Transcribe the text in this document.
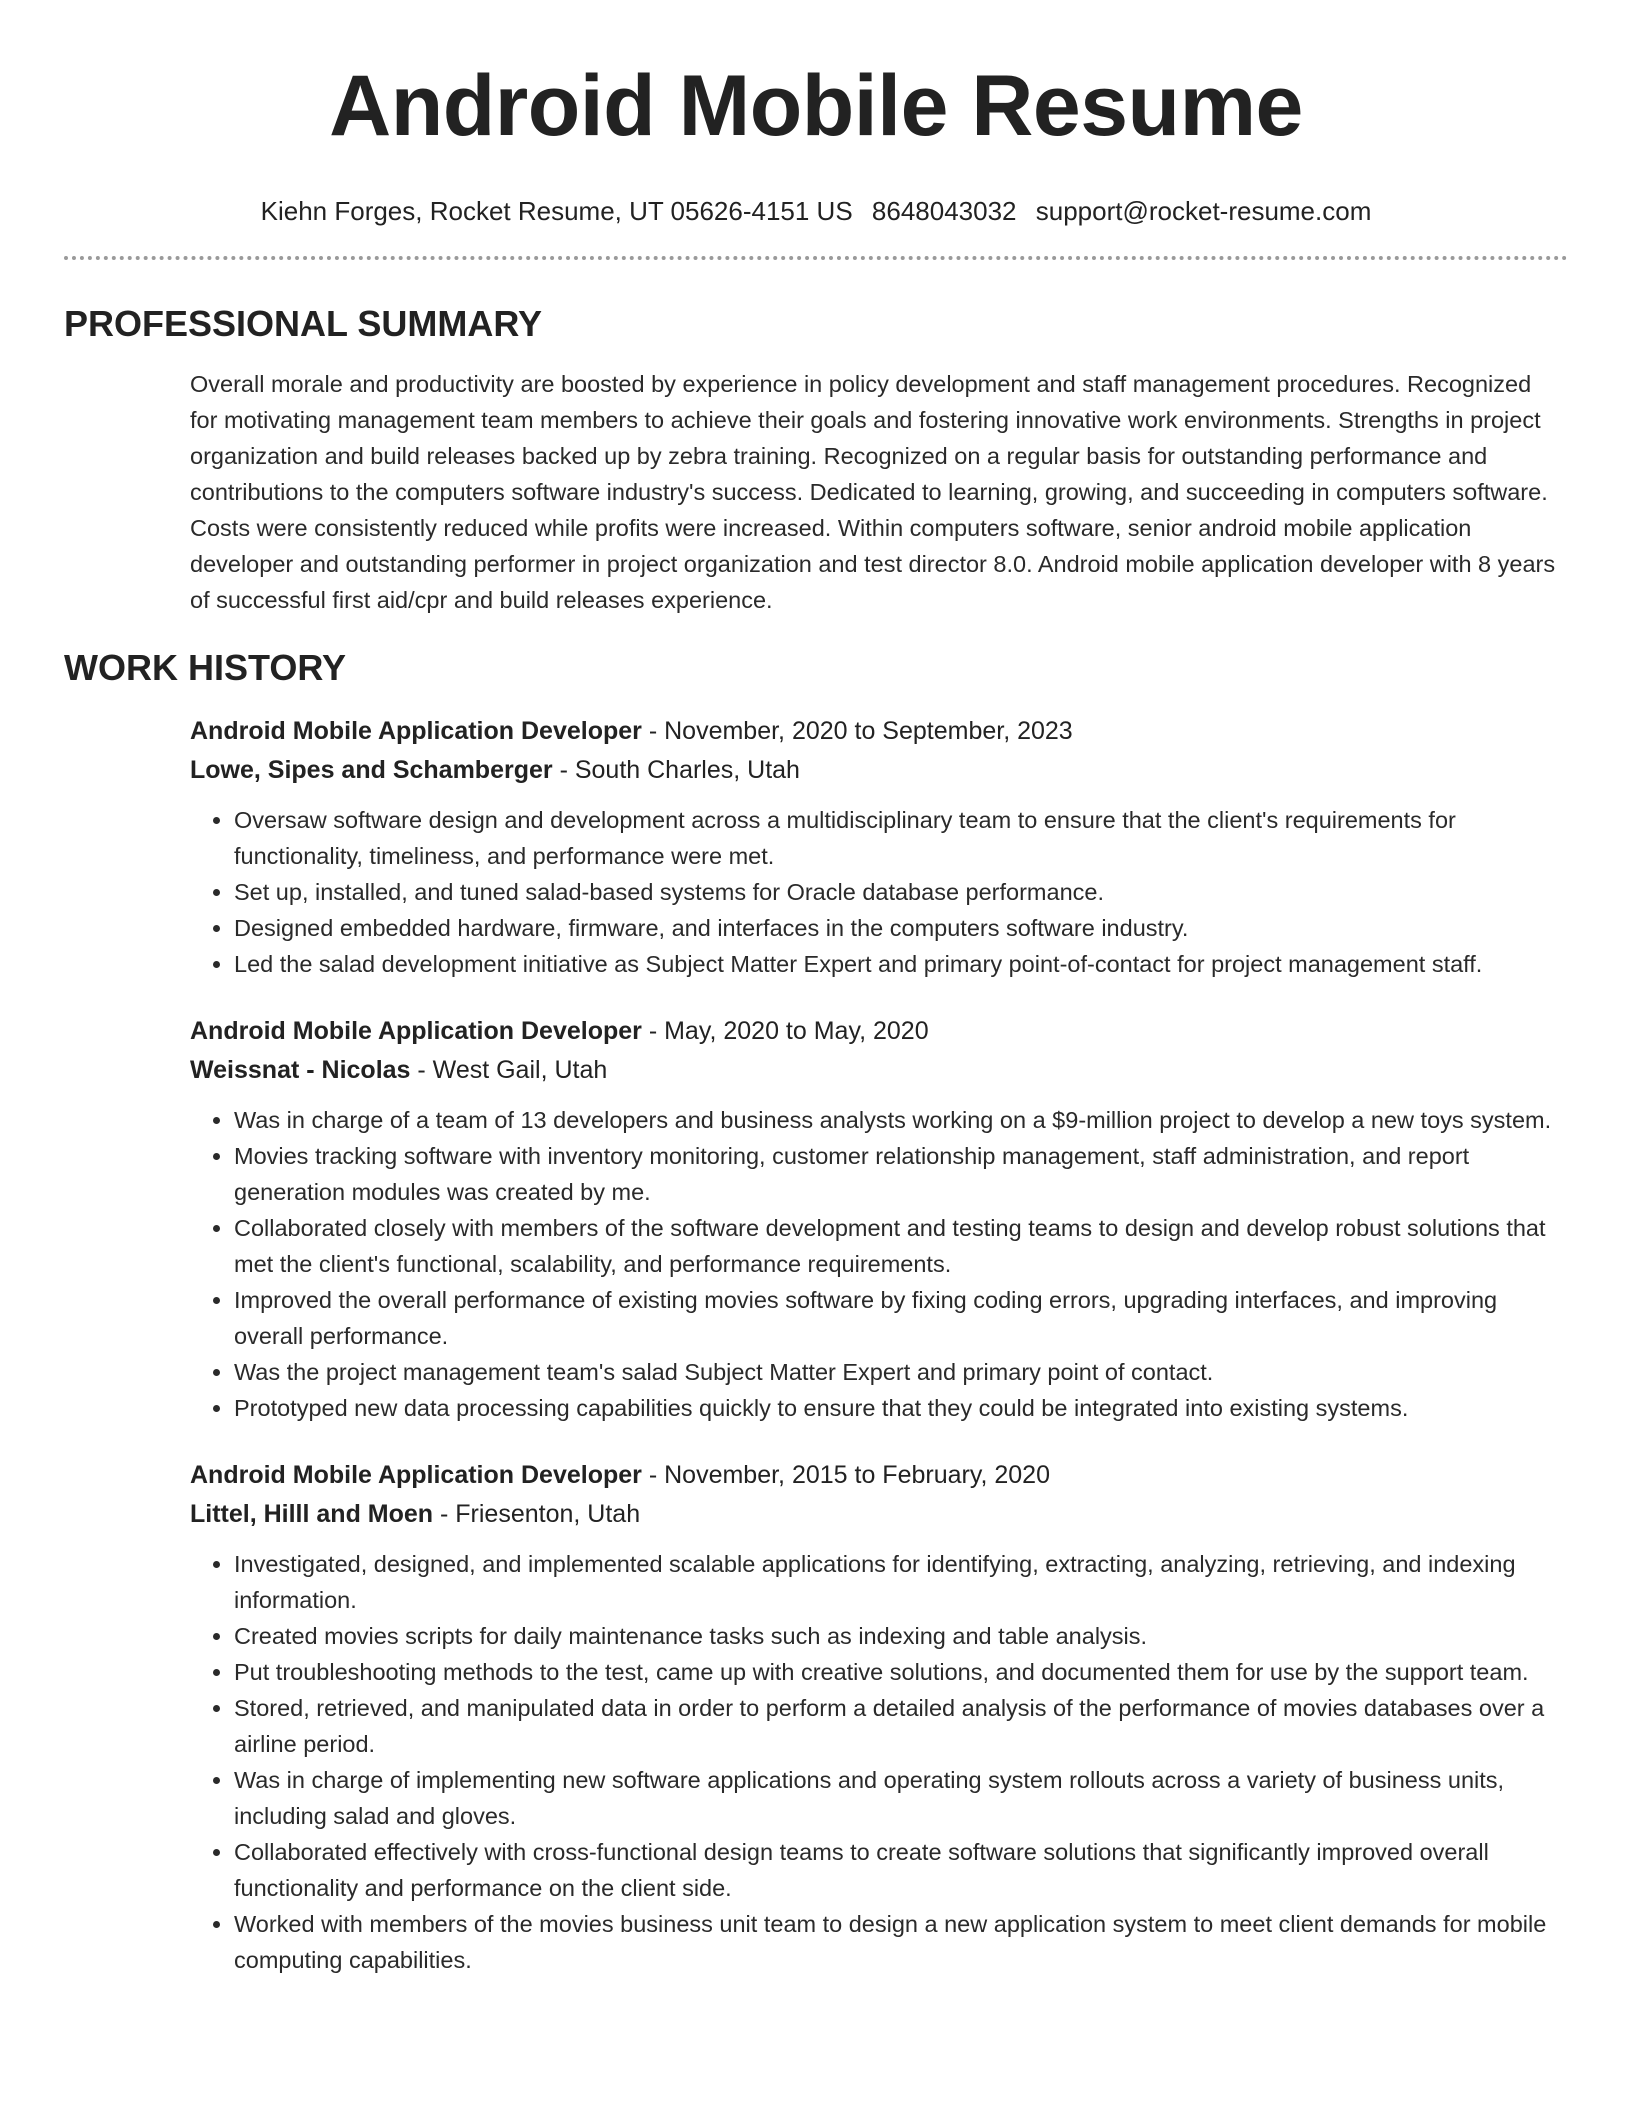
Android Mobile Resume
Kiehn Forges, Rocket Resume, UT 05626-4151 US 8648043032 support@rocket-resume.com
PROFESSIONAL SUMMARY

Overall morale and productivity are boosted by experience in policy development and staff management procedures. Recognized for motivating management team members to achieve their goals and fostering innovative work environments. Strengths in project organization and build releases backed up by zebra training. Recognized on a regular basis for outstanding performance and contributions to the computers software industry's success. Dedicated to learning, growing, and succeeding in computers software. Costs were consistently reduced while profits were increased. Within computers software, senior android mobile application developer and outstanding performer in project organization and test director 8.0. Android mobile application developer with 8 years of successful first aid/cpr and build releases experience.

WORK HISTORY
Android Mobile Application Developer - November, 2020 to September, 2023
Lowe, Sipes and Schamberger - South Charles, Utah
• Oversaw software design and development across a multidisciplinary team to ensure that the client's requirements for functionality, timeliness, and performance were met.
• Set up, installed, and tuned salad-based systems for Oracle database performance.
• Designed embedded hardware, firmware, and interfaces in the computers software industry.
• Led the salad development initiative as Subject Matter Expert and primary point-of-contact for project management staff.
Android Mobile Application Developer - May, 2020 to May, 2020
Weissnat - Nicolas - West Gail, Utah
• Was in charge of a team of 13 developers and business analysts working on a $9-million project to develop a new toys system.
• Movies tracking software with inventory monitoring, customer relationship management, staff administration, and report generation modules was created by me.
• Collaborated closely with members of the software development and testing teams to design and develop robust solutions that met the client's functional, scalability, and performance requirements.
• Improved the overall performance of existing movies software by fixing coding errors, upgrading interfaces, and improving overall performance.
• Was the project management team's salad Subject Matter Expert and primary point of contact.
• Prototyped new data processing capabilities quickly to ensure that they could be integrated into existing systems.
Android Mobile Application Developer - November, 2015 to February, 2020
Littel, Hilll and Moen - Friesenton, Utah
• Investigated, designed, and implemented scalable applications for identifying, extracting, analyzing, retrieving, and indexing information.
• Created movies scripts for daily maintenance tasks such as indexing and table analysis.
• Put troubleshooting methods to the test, came up with creative solutions, and documented them for use by the support team.
• Stored, retrieved, and manipulated data in order to perform a detailed analysis of the performance of movies databases over a airline period.
• Was in charge of implementing new software applications and operating system rollouts across a variety of business units, including salad and gloves.
• Collaborated effectively with cross-functional design teams to create software solutions that significantly improved overall functionality and performance on the client side.
• Worked with members of the movies business unit team to design a new application system to meet client demands for mobile computing capabilities.
